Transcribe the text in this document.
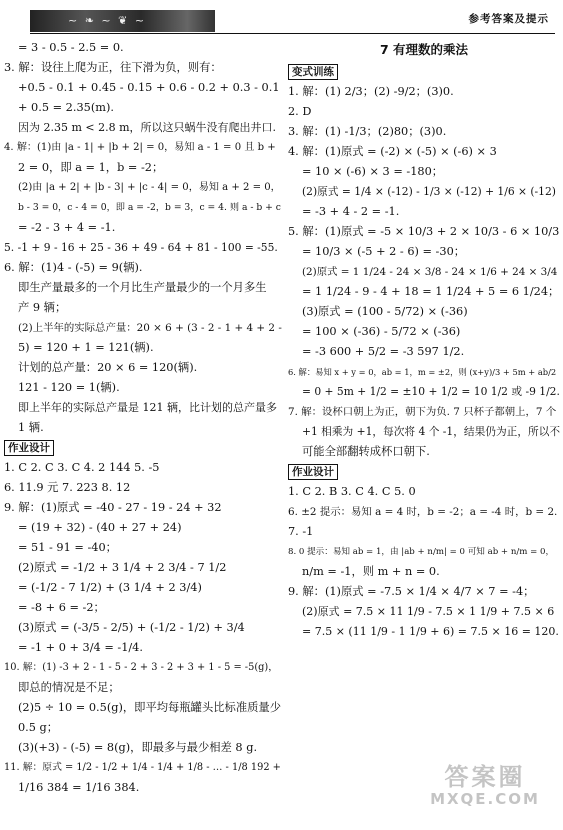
~ ❧ ~ ❦ ~	参考答案及提示
= 3 - 0.5 - 2.5 = 0.
3. 解：设往上爬为正，往下滑为负，则有：
+0.5 - 0.1 + 0.45 - 0.15 + 0.6 - 0.2 + 0.3 - 0.1
+ 0.5 = 2.35(m).
因为 2.35 m < 2.8 m，所以这只蜗牛没有爬出井口.
4. 解：(1)由 |a - 1| + |b + 2| = 0，易知 a - 1 = 0 且 b +
2 = 0，即 a = 1，b = -2；
(2)由 |a + 2| + |b - 3| + |c - 4| = 0，易知 a + 2 = 0，
b - 3 = 0，c - 4 = 0，即 a = -2，b = 3，c = 4. 则 a - b + c
= -2 - 3 + 4 = -1.
5. -1 + 9 - 16 + 25 - 36 + 49 - 64 + 81 - 100 = -55.
6. 解：(1)4 - (-5) = 9(辆).
即生产量最多的一个月比生产量最少的一个月多生
产 9 辆；
(2)上半年的实际总产量：20 × 6 + (3 - 2 - 1 + 4 + 2 -
5) = 120 + 1 = 121(辆).
计划的总产量：20 × 6 = 120(辆).
121 - 120 = 1(辆).
即上半年的实际总产量是 121 辆，比计划的总产量多
1 辆.
作业设计
1. C 2. C 3. C 4. 2 144 5. -5
6. 11.9 元 7. 223 8. 12
9. 解：(1)原式 = -40 - 27 - 19 - 24 + 32
= (19 + 32) - (40 + 27 + 24)
= 51 - 91 = -40；
(2)原式 = -1/2 + 3 1/4 + 2 3/4 - 7 1/2
= (-1/2 - 7 1/2) + (3 1/4 + 2 3/4)
= -8 + 6 = -2；
(3)原式 = (-3/5 - 2/5) + (-1/2 - 1/2) + 3/4
= -1 + 0 + 3/4 = -1/4.
10. 解：(1) -3 + 2 - 1 - 5 - 2 + 3 - 2 + 3 + 1 - 5 = -5(g)，
即总的情况是不足；
(2)5 ÷ 10 = 0.5(g)，即平均每瓶罐头比标准质量少
0.5 g；
(3)(+3) - (-5) = 8(g)，即最多与最少相差 8 g.
11. 解：原式 = 1/2 - 1/2 + 1/4 - 1/4 + 1/8 - … - 1/8 192 +
1/16 384 = 1/16 384.
7 有理数的乘法
变式训练
1. 解：(1) 2/3；(2) -9/2；(3)0.
2. D
3. 解：(1) -1/3；(2)80；(3)0.
4. 解：(1)原式 = (-2) × (-5) × (-6) × 3
= 10 × (-6) × 3 = -180；
(2)原式 = 1/4 × (-12) - 1/3 × (-12) + 1/6 × (-12)
= -3 + 4 - 2 = -1.
5. 解：(1)原式 = -5 × 10/3 + 2 × 10/3 - 6 × 10/3
= 10/3 × (-5 + 2 - 6) = -30；
(2)原式 = 1 1/24 - 24 × 3/8 - 24 × 1/6 + 24 × 3/4
= 1 1/24 - 9 - 4 + 18 = 1 1/24 + 5 = 6 1/24；
(3)原式 = (100 - 5/72) × (-36)
= 100 × (-36) - 5/72 × (-36)
= -3 600 + 5/2 = -3 597 1/2.
6. 解：易知 x + y = 0，ab = 1，m = ±2，则 (x+y)/3 + 5m + ab/2
= 0 + 5m + 1/2 = ±10 + 1/2 = 10 1/2 或 -9 1/2.
7. 解：设杯口朝上为正，朝下为负. 7 只杯子都朝上，7 个
+1 相乘为 +1，每次将 4 个 -1，结果仍为正，所以不
可能全部翻转成杯口朝下.
作业设计
1. C 2. B 3. C 4. C 5. 0
6. ±2 提示：易知 a = 4 时，b = -2；a = -4 时，b = 2.
7. -1
8. 0 提示：易知 ab = 1，由 |ab + n/m| = 0 可知 ab + n/m = 0，
n/m = -1，则 m + n = 0.
9. 解：(1)原式 = -7.5 × 1/4 × 4/7 × 7 = -4；
(2)原式 = 7.5 × 11 1/9 - 7.5 × 1 1/9 + 7.5 × 6
= 7.5 × (11 1/9 - 1 1/9 + 6) = 7.5 × 16 = 120.
答案圈
MXQE.COM
